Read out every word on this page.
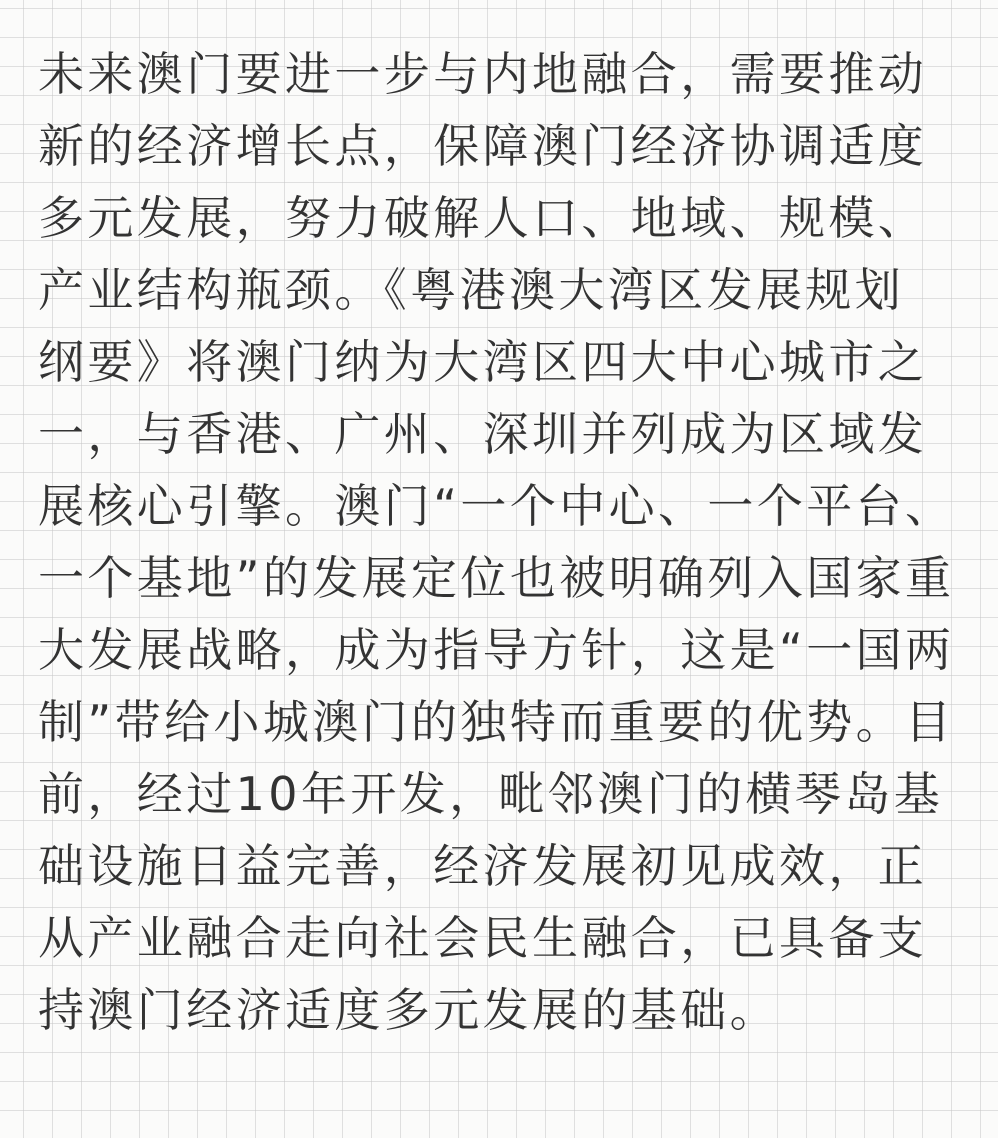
未来澳门要进一步与内地融合，需要推动
新的经济增长点，保障澳门经济协调适度
多元发展，努力破解人口、地域、规模、
产业结构瓶颈。《粤港澳大湾区发展规划
纲要》将澳门纳为大湾区四大中心城市之
一，与香港、广州、深圳并列成为区域发
展核心引擎。澳门“一个中心、一个平台、
一个基地”的发展定位也被明确列入国家重
大发展战略，成为指导方针，这是“一国两
制”带给小城澳门的独特而重要的优势。目
前，经过10年开发，毗邻澳门的横琴岛基
础设施日益完善，经济发展初见成效，正
从产业融合走向社会民生融合，已具备支
持澳门经济适度多元发展的基础。
